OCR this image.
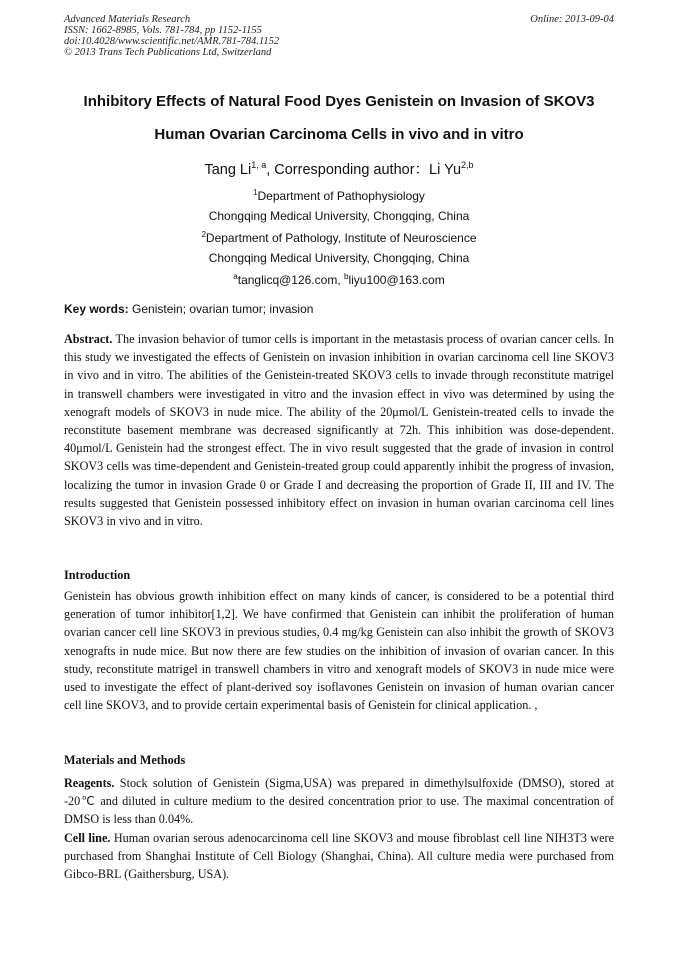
Advanced Materials Research
ISSN: 1662-8985, Vols. 781-784, pp 1152-1155
doi:10.4028/www.scientific.net/AMR.781-784.1152
© 2013 Trans Tech Publications Ltd, Switzerland
Online: 2013-09-04
Inhibitory Effects of Natural Food Dyes Genistein on Invasion of SKOV3
Human Ovarian Carcinoma Cells in vivo and in vitro
Tang Li$^{1, a}$, Corresponding author：Li Yu$^{2,b}$
$^1$Department of Pathophysiology
Chongqing Medical University, Chongqing, China
$^2$Department of Pathology, Institute of Neuroscience
Chongqing Medical University, Chongqing, China
$^a$tanglicq@126.com, $^b$liyu100@163.com
Key words: Genistein; ovarian tumor; invasion
Abstract. The invasion behavior of tumor cells is important in the metastasis process of ovarian cancer cells. In this study we investigated the effects of Genistein on invasion inhibition in ovarian carcinoma cell line SKOV3 in vivo and in vitro. The abilities of the Genistein-treated SKOV3 cells to invade through reconstitute matrigel in transwell chambers were investigated in vitro and the invasion effect in vivo was determined by using the xenograft models of SKOV3 in nude mice. The ability of the 20μmol/L Genistein-treated cells to invade the reconstitute basement membrane was decreased significantly at 72h. This inhibition was dose-dependent. 40μmol/L Genistein had the strongest effect. The in vivo result suggested that the grade of invasion in control SKOV3 cells was time-dependent and Genistein-treated group could apparently inhibit the progress of invasion, localizing the tumor in invasion Grade 0 or Grade I and decreasing the proportion of Grade II, III and IV. The results suggested that Genistein possessed inhibitory effect on invasion in human ovarian carcinoma cell lines SKOV3 in vivo and in vitro.
Introduction
Genistein has obvious growth inhibition effect on many kinds of cancer, is considered to be a potential third generation of tumor inhibitor[1,2]. We have confirmed that Genistein can inhibit the proliferation of human ovarian cancer cell line SKOV3 in previous studies, 0.4 mg/kg Genistein can also inhibit the growth of SKOV3 xenografts in nude mice. But now there are few studies on the inhibition of invasion of ovarian cancer. In this study, reconstitute matrigel in transwell chambers in vitro and xenograft models of SKOV3 in nude mice were used to investigate the effect of plant-derived soy isoflavones Genistein on invasion of human ovarian cancer cell line SKOV3, and to provide certain experimental basis of Genistein for clinical application. ,
Materials and Methods
Reagents. Stock solution of Genistein (Sigma,USA) was prepared in dimethylsulfoxide (DMSO), stored at -20℃ and diluted in culture medium to the desired concentration prior to use. The maximal concentration of DMSO is less than 0.04%.
Cell line. Human ovarian serous adenocarcinoma cell line SKOV3 and mouse fibroblast cell line NIH3T3 were purchased from Shanghai Institute of Cell Biology (Shanghai, China). All culture media were purchased from Gibco-BRL (Gaithersburg, USA).
